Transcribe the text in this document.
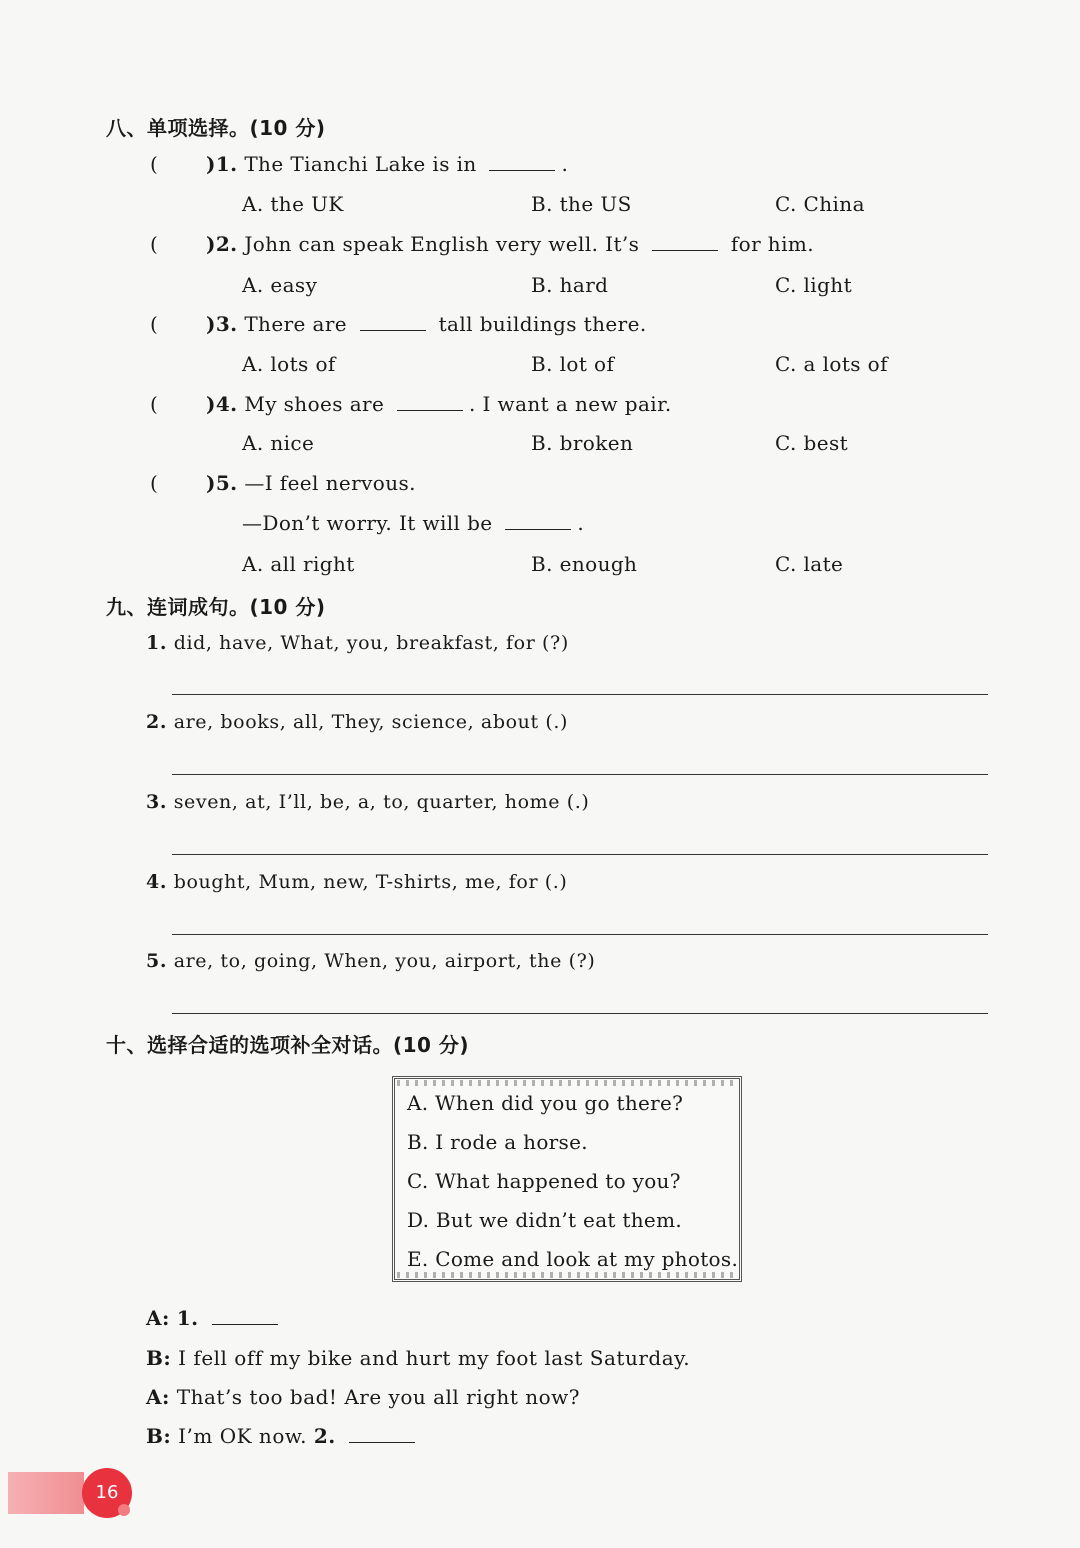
八、单项选择。(10 分)
( )1. The Tianchi Lake is in	.
A. the UK	B. the US	C. China
( )2. John can speak English very well. It’s	for him.
A. easy	B. hard	C. light
( )3. There are	tall buildings there.
A. lots of	B. lot of	C. a lots of
( )4. My shoes are	. I want a new pair.
A. nice	B. broken	C. best
( )5. —I feel nervous.
—Don’t worry. It will be	.
A. all right	B. enough	C. late
九、连词成句。(10 分)
1. did, have, What, you, breakfast, for (?)
2. are, books, all, They, science, about (.)
3. seven, at, I’ll, be, a, to, quarter, home (.)
4. bought, Mum, new, T-shirts, me, for (.)
5. are, to, going, When, you, airport, the (?)
十、选择合适的选项补全对话。(10 分)
A. When did you go there?
B. I rode a horse.
C. What happened to you?
D. But we didn’t eat them.
E. Come and look at my photos.
A: 1.
B: I fell off my bike and hurt my foot last Saturday.
A: That’s too bad! Are you all right now?
B: I’m OK now. 2.
16
